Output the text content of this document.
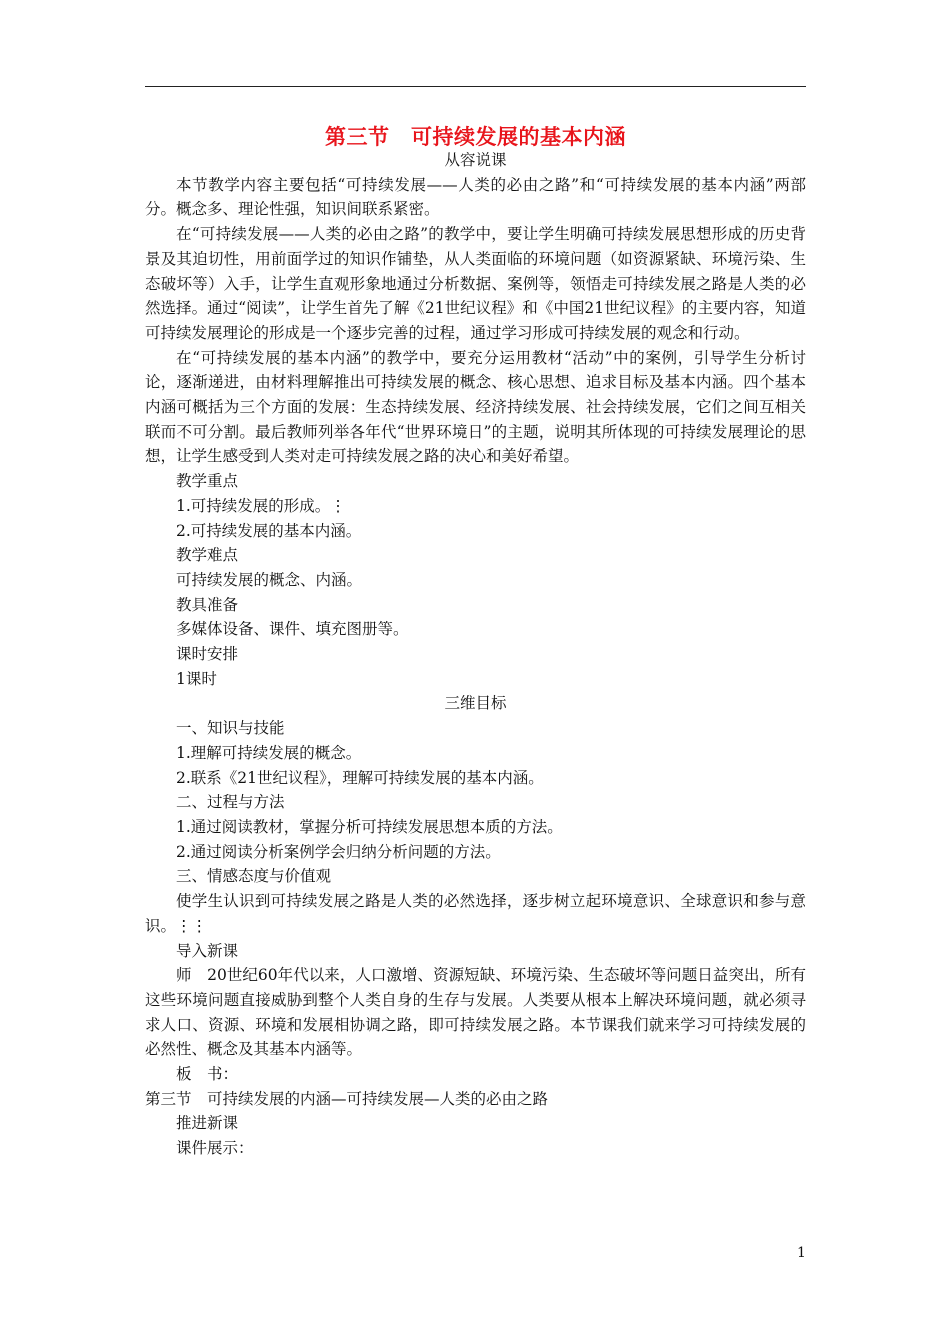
第三节　可持续发展的基本内涵

从容说课

本节教学内容主要包括“可持续发展——人类的必由之路”和“可持续发展的基本内涵”两部分。概念多、理论性强，知识间联系紧密。

在“可持续发展——人类的必由之路”的教学中，要让学生明确可持续发展思想形成的历史背景及其迫切性，用前面学过的知识作铺垫，从人类面临的环境问题（如资源紧缺、环境污染、生态破坏等）入手，让学生直观形象地通过分析数据、案例等，领悟走可持续发展之路是人类的必然选择。通过“阅读”，让学生首先了解《21世纪议程》和《中国21世纪议程》的主要内容，知道可持续发展理论的形成是一个逐步完善的过程，通过学习形成可持续发展的观念和行动。

在“可持续发展的基本内涵”的教学中，要充分运用教材“活动”中的案例，引导学生分析讨论，逐渐递进，由材料理解推出可持续发展的概念、核心思想、追求目标及基本内涵。四个基本内涵可概括为三个方面的发展：生态持续发展、经济持续发展、社会持续发展，它们之间互相关联而不可分割。最后教师列举各年代“世界环境日”的主题，说明其所体现的可持续发展理论的思想，让学生感受到人类对走可持续发展之路的决心和美好希望。

教学重点

1.可持续发展的形成。⋮

2.可持续发展的基本内涵。

教学难点

可持续发展的概念、内涵。

教具准备

多媒体设备、课件、填充图册等。

课时安排

1课时

三维目标

一、知识与技能

1.理解可持续发展的概念。

2.联系《21世纪议程》，理解可持续发展的基本内涵。

二、过程与方法

1.通过阅读教材，掌握分析可持续发展思想本质的方法。

2.通过阅读分析案例学会归纳分析问题的方法。

三、情感态度与价值观

使学生认识到可持续发展之路是人类的必然选择，逐步树立起环境意识、全球意识和参与意识。⋮⋮

导入新课

师　20世纪60年代以来，人口激增、资源短缺、环境污染、生态破坏等问题日益突出，所有这些环境问题直接威胁到整个人类自身的生存与发展。人类要从根本上解决环境问题，就必须寻求人口、资源、环境和发展相协调之路，即可持续发展之路。本节课我们就来学习可持续发展的必然性、概念及其基本内涵等。

板　书：

第三节　可持续发展的内涵—可持续发展—人类的必由之路

推进新课

课件展示：

1
